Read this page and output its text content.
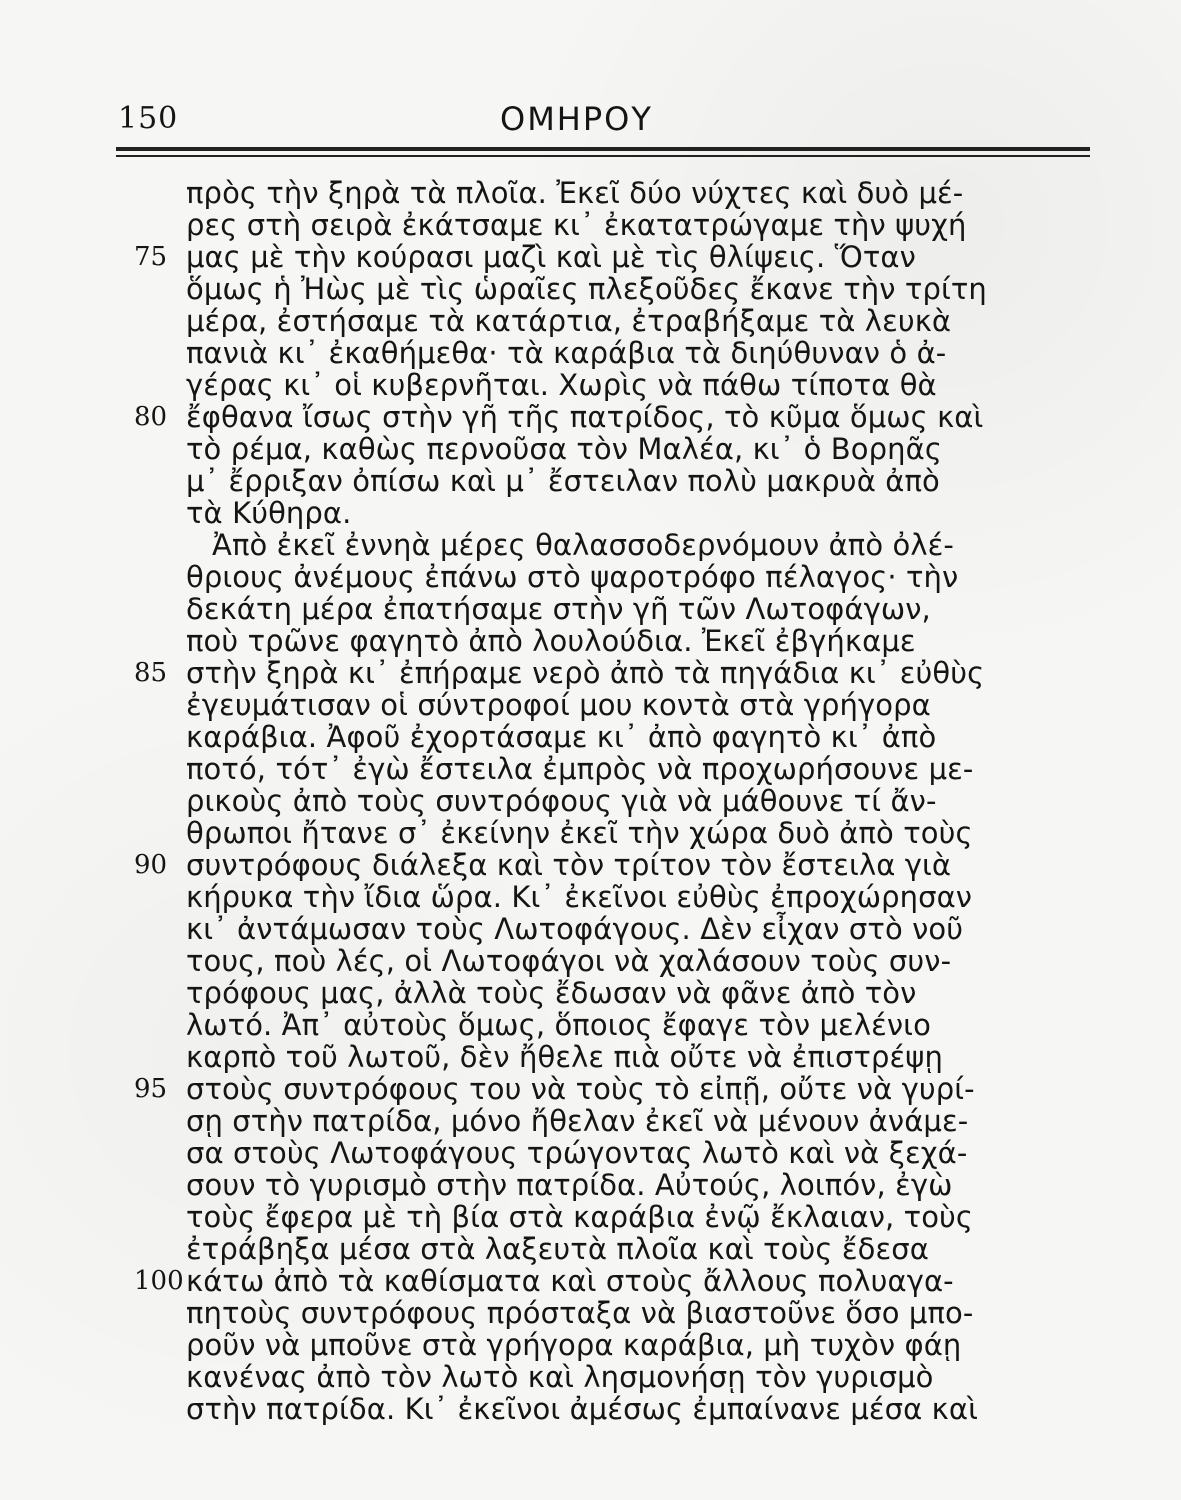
150	ΟΜΗΡΟΥ
πρὸς τὴν ξηρὰ τὰ πλοῖα. Ἐκεῖ δύο νύχτες καὶ δυὸ μέ-
ρες στὴ σειρὰ ἐκάτσαμε κι᾽ ἐκατατρώγαμε τὴν ψυχή
75 μας μὲ τὴν κούρασι μαζὶ καὶ μὲ τὶς θλίψεις. Ὅταν
ὅμως ἡ Ἠὼς μὲ τὶς ὡραῖες πλεξοῦδες ἔκανε τὴν τρίτη
μέρα, ἐστήσαμε τὰ κατάρτια, ἐτραβήξαμε τὰ λευκὰ
πανιὰ κι᾽ ἐκαθήμεθα· τὰ καράβια τὰ διηύθυναν ὁ ἀ-
γέρας κι᾽ οἱ κυβερνῆται. Χωρὶς νὰ πάθω τίποτα θὰ
80 ἔφθανα ἴσως στὴν γῆ τῆς πατρίδος, τὸ κῦμα ὅμως καὶ
τὸ ρέμα, καθὼς περνοῦσα τὸν Μαλέα, κι᾽ ὁ Βορηᾶς
μ᾽ ἔρριξαν ὀπίσω καὶ μ᾽ ἔστειλαν πολὺ μακρυὰ ἀπὸ
τὰ Κύθηρα.
Ἀπὸ ἐκεῖ ἐννηὰ μέρες θαλασσοδερνόμουν ἀπὸ ὀλέ-
θριους ἀνέμους ἐπάνω στὸ ψαροτρόφο πέλαγος· τὴν
δεκάτη μέρα ἐπατήσαμε στὴν γῆ τῶν Λωτοφάγων,
ποὺ τρῶνε φαγητὸ ἀπὸ λουλούδια. Ἐκεῖ ἐβγήκαμε
85 στὴν ξηρὰ κι᾽ ἐπήραμε νερὸ ἀπὸ τὰ πηγάδια κι᾽ εὐθὺς
ἐγευμάτισαν οἱ σύντροφοί μου κοντὰ στὰ γρήγορα
καράβια. Ἀφοῦ ἐχορτάσαμε κι᾽ ἀπὸ φαγητὸ κι᾽ ἀπὸ
ποτό, τότ᾽ ἐγὼ ἔστειλα ἐμπρὸς νὰ προχωρήσουνε με-
ρικοὺς ἀπὸ τοὺς συντρόφους γιὰ νὰ μάθουνε τί ἄν-
θρωποι ἤτανε σ᾽ ἐκείνην ἐκεῖ τὴν χώρα δυὸ ἀπὸ τοὺς
90 συντρόφους διάλεξα καὶ τὸν τρίτον τὸν ἔστειλα γιὰ
κήρυκα τὴν ἴδια ὥρα. Κι᾽ ἐκεῖνοι εὐθὺς ἐπροχώρησαν
κι᾽ ἀντάμωσαν τοὺς Λωτοφάγους. Δὲν εἶχαν στὸ νοῦ
τους, ποὺ λές, οἱ Λωτοφάγοι νὰ χαλάσουν τοὺς συν-
τρόφους μας, ἀλλὰ τοὺς ἔδωσαν νὰ φᾶνε ἀπὸ τὸν
λωτό. Ἀπ᾽ αὐτοὺς ὅμως, ὅποιος ἔφαγε τὸν μελένιο
καρπὸ τοῦ λωτοῦ, δὲν ἤθελε πιὰ οὔτε νὰ ἐπιστρέψῃ
95 στοὺς συντρόφους του νὰ τοὺς τὸ εἰπῇ, οὔτε νὰ γυρί-
σῃ στὴν πατρίδα, μόνο ἤθελαν ἐκεῖ νὰ μένουν ἀνάμε-
σα στοὺς Λωτοφάγους τρώγοντας λωτὸ καὶ νὰ ξεχά-
σουν τὸ γυρισμὸ στὴν πατρίδα. Αὐτούς, λοιπόν, ἐγὼ
τοὺς ἔφερα μὲ τὴ βία στὰ καράβια ἐνῷ ἔκλαιαν, τοὺς
ἐτράβηξα μέσα στὰ λαξευτὰ πλοῖα καὶ τοὺς ἔδεσα
100 κάτω ἀπὸ τὰ καθίσματα καὶ στοὺς ἄλλους πολυαγα-
πητοὺς συντρόφους πρόσταξα νὰ βιαστοῦνε ὅσο μπο-
ροῦν νὰ μποῦνε στὰ γρήγορα καράβια, μὴ τυχὸν φάῃ
κανένας ἀπὸ τὸν λωτὸ καὶ λησμονήσῃ τὸν γυρισμὸ
στὴν πατρίδα. Κι᾽ ἐκεῖνοι ἀμέσως ἐμπαίνανε μέσα καὶ
